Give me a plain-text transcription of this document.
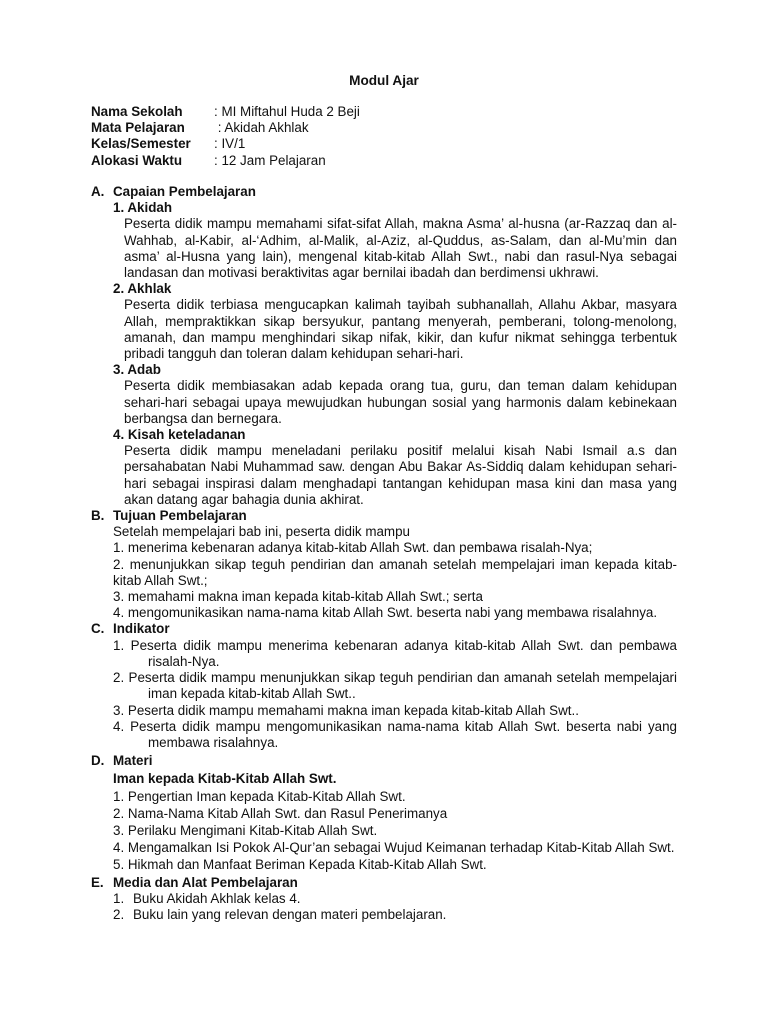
Modul Ajar
Nama Sekolah : MI Miftahul Huda 2 Beji
Mata Pelajaran : Akidah Akhlak
Kelas/Semester : IV/1
Alokasi Waktu : 12 Jam Pelajaran
A. Capaian Pembelajaran
1. Akidah
Peserta didik mampu memahami sifat-sifat Allah, makna Asma’ al-husna (ar-Razzaq dan al-Wahhab, al-Kabir, al-‘Adhim, al-Malik, al-Aziz, al-Quddus, as-Salam, dan al-Mu’min dan asma’ al-Husna yang lain), mengenal kitab-kitab Allah Swt., nabi dan rasul-Nya sebagai landasan dan motivasi beraktivitas agar bernilai ibadah dan berdimensi ukhrawi.
2. Akhlak
Peserta didik terbiasa mengucapkan kalimah tayibah subhanallah, Allahu Akbar, masyara Allah, mempraktikkan sikap bersyukur, pantang menyerah, pemberani, tolong-menolong, amanah, dan mampu menghindari sikap nifak, kikir, dan kufur nikmat sehingga terbentuk pribadi tangguh dan toleran dalam kehidupan sehari-hari.
3. Adab
Peserta didik membiasakan adab kepada orang tua, guru, dan teman dalam kehidupan sehari-hari sebagai upaya mewujudkan hubungan sosial yang harmonis dalam kebinekaan berbangsa dan bernegara.
4. Kisah keteladanan
Peserta didik mampu meneladani perilaku positif melalui kisah Nabi Ismail a.s dan persahabatan Nabi Muhammad saw. dengan Abu Bakar As-Siddiq dalam kehidupan sehari-hari sebagai inspirasi dalam menghadapi tantangan kehidupan masa kini dan masa yang akan datang agar bahagia dunia akhirat.
B. Tujuan Pembelajaran
Setelah mempelajari bab ini, peserta didik mampu
1. menerima kebenaran adanya kitab-kitab Allah Swt. dan pembawa risalah-Nya;
2. menunjukkan sikap teguh pendirian dan amanah setelah mempelajari iman kepada kitab-kitab Allah Swt.;
3. memahami makna iman kepada kitab-kitab Allah Swt.; serta
4. mengomunikasikan nama-nama kitab Allah Swt. beserta nabi yang membawa risalahnya.
C. Indikator
1. Peserta didik mampu menerima kebenaran adanya kitab-kitab Allah Swt. dan pembawa risalah-Nya.
2. Peserta didik mampu menunjukkan sikap teguh pendirian dan amanah setelah mempelajari iman kepada kitab-kitab Allah Swt..
3. Peserta didik mampu memahami makna iman kepada kitab-kitab Allah Swt..
4. Peserta didik mampu mengomunikasikan nama-nama kitab Allah Swt. beserta nabi yang membawa risalahnya.
D. Materi
Iman kepada Kitab-Kitab Allah Swt.
1. Pengertian Iman kepada Kitab-Kitab Allah Swt.
2. Nama-Nama Kitab Allah Swt. dan Rasul Penerimanya
3. Perilaku Mengimani Kitab-Kitab Allah Swt.
4. Mengamalkan Isi Pokok Al-Qur’an sebagai Wujud Keimanan terhadap Kitab-Kitab Allah Swt.
5. Hikmah dan Manfaat Beriman Kepada Kitab-Kitab Allah Swt.
E. Media dan Alat Pembelajaran
1. Buku Akidah Akhlak kelas 4.
2. Buku lain yang relevan dengan materi pembelajaran.
